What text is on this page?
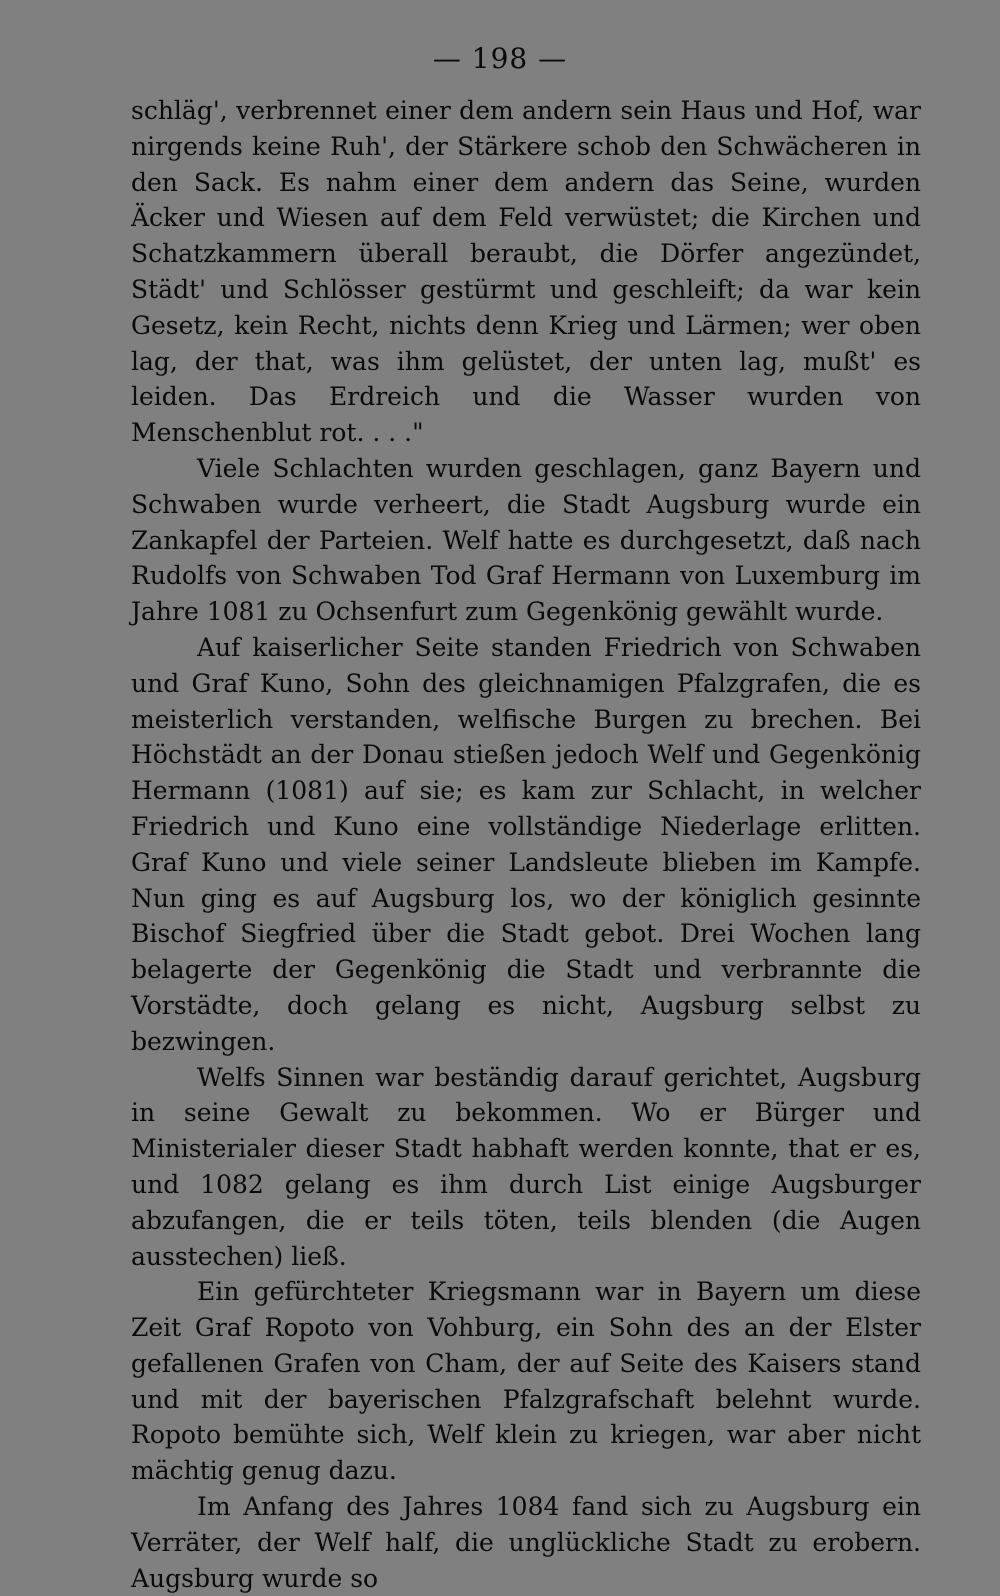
— 198 —

schläg', verbrennet einer dem andern sein Haus und Hof, war nirgends keine Ruh', der Stärkere schob den Schwächeren in den Sack. Es nahm einer dem andern das Seine, wurden Äcker und Wiesen auf dem Feld verwüstet; die Kirchen und Schatzkammern überall beraubt, die Dörfer angezündet, Städt' und Schlösser gestürmt und geschleift; da war kein Gesetz, kein Recht, nichts denn Krieg und Lärmen; wer oben lag, der that, was ihm gelüstet, der unten lag, mußt' es leiden. Das Erdreich und die Wasser wurden von Menschenblut rot. . . ."

Viele Schlachten wurden geschlagen, ganz Bayern und Schwaben wurde verheert, die Stadt Augsburg wurde ein Zankapfel der Parteien. Welf hatte es durchgesetzt, daß nach Rudolfs von Schwaben Tod Graf Hermann von Luxemburg im Jahre 1081 zu Ochsenfurt zum Gegenkönig gewählt wurde.

Auf kaiserlicher Seite standen Friedrich von Schwaben und Graf Kuno, Sohn des gleichnamigen Pfalzgrafen, die es meisterlich verstanden, welfische Burgen zu brechen. Bei Höchstädt an der Donau stießen jedoch Welf und Gegenkönig Hermann (1081) auf sie; es kam zur Schlacht, in welcher Friedrich und Kuno eine vollständige Niederlage erlitten. Graf Kuno und viele seiner Landsleute blieben im Kampfe. Nun ging es auf Augsburg los, wo der königlich gesinnte Bischof Siegfried über die Stadt gebot. Drei Wochen lang belagerte der Gegenkönig die Stadt und verbrannte die Vorstädte, doch gelang es nicht, Augsburg selbst zu bezwingen.

Welfs Sinnen war beständig darauf gerichtet, Augsburg in seine Gewalt zu bekommen. Wo er Bürger und Ministerialer dieser Stadt habhaft werden konnte, that er es, und 1082 gelang es ihm durch List einige Augsburger abzufangen, die er teils töten, teils blenden (die Augen ausstechen) ließ.

Ein gefürchteter Kriegsmann war in Bayern um diese Zeit Graf Ropoto von Vohburg, ein Sohn des an der Elster gefallenen Grafen von Cham, der auf Seite des Kaisers stand und mit der bayerischen Pfalzgrafschaft belehnt wurde. Ropoto bemühte sich, Welf klein zu kriegen, war aber nicht mächtig genug dazu.

Im Anfang des Jahres 1084 fand sich zu Augsburg ein Verräter, der Welf half, die unglückliche Stadt zu erobern. Augsburg wurde so
